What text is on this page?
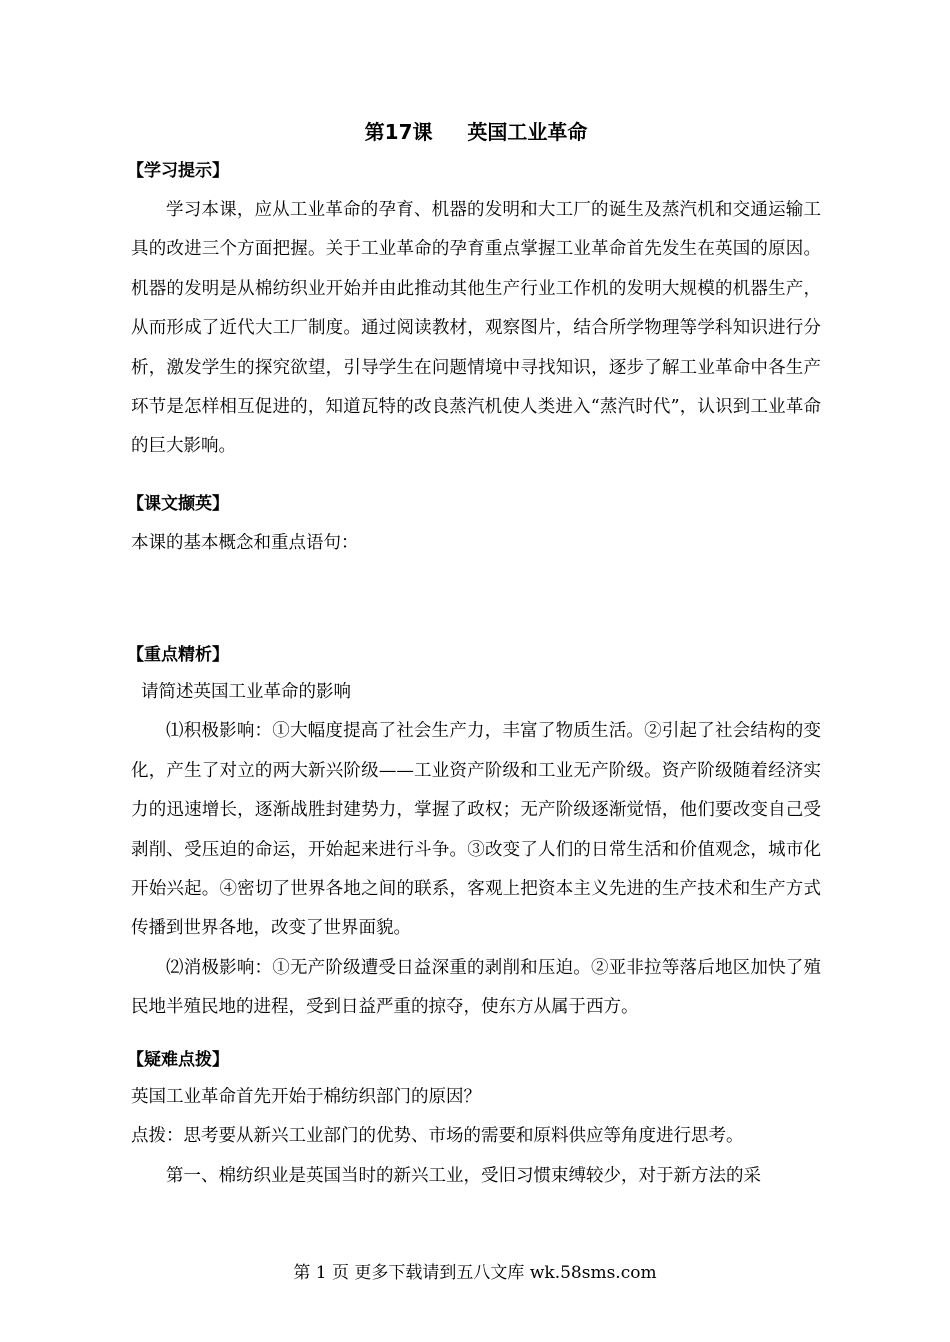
第17课     英国工业革命
【学习提示】
学习本课，应从工业革命的孕育、机器的发明和大工厂的诞生及蒸汽机和交通运输工具的改进三个方面把握。关于工业革命的孕育重点掌握工业革命首先发生在英国的原因。机器的发明是从棉纺织业开始并由此推动其他生产行业工作机的发明大规模的机器生产，从而形成了近代大工厂制度。通过阅读教材，观察图片，结合所学物理等学科知识进行分析，激发学生的探究欲望，引导学生在问题情境中寻找知识，逐步了解工业革命中各生产环节是怎样相互促进的，知道瓦特的改良蒸汽机使人类进入“蒸汽时代”，认识到工业革命的巨大影响。
【课文撷英】
本课的基本概念和重点语句：
【重点精析】
请简述英国工业革命的影响
⑴积极影响：①大幅度提高了社会生产力，丰富了物质生活。②引起了社会结构的变化，产生了对立的两大新兴阶级——工业资产阶级和工业无产阶级。资产阶级随着经济实力的迅速增长，逐渐战胜封建势力，掌握了政权；无产阶级逐渐觉悟，他们要改变自己受剥削、受压迫的命运，开始起来进行斗争。③改变了人们的日常生活和价值观念，城市化开始兴起。④密切了世界各地之间的联系，客观上把资本主义先进的生产技术和生产方式传播到世界各地，改变了世界面貌。
⑵消极影响：①无产阶级遭受日益深重的剥削和压迫。②亚非拉等落后地区加快了殖民地半殖民地的进程，受到日益严重的掠夺，使东方从属于西方。
【疑难点拨】
英国工业革命首先开始于棉纺织部门的原因？
点拨：思考要从新兴工业部门的优势、市场的需要和原料供应等角度进行思考。
第一、棉纺织业是英国当时的新兴工业，受旧习惯束缚较少，对于新方法的采
第 1 页 更多下载请到五八文库 wk.58sms.com
